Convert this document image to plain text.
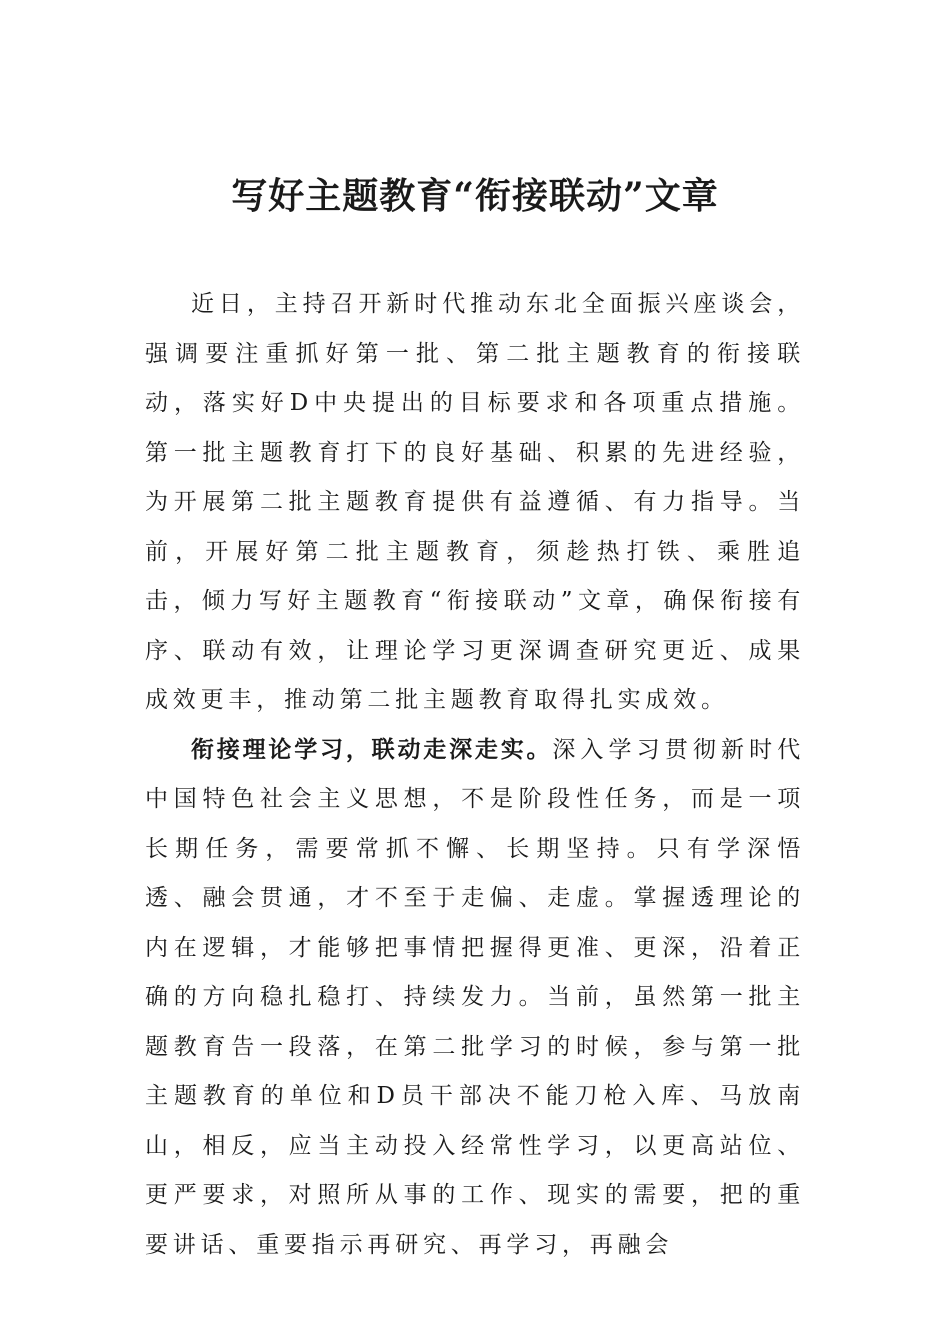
写好主题教育“衔接联动”文章

近日，主持召开新时代推动东北全面振兴座谈会，强调要注重抓好第一批、第二批主题教育的衔接联动，落实好D中央提出的目标要求和各项重点措施。第一批主题教育打下的良好基础、积累的先进经验，为开展第二批主题教育提供有益遵循、有力指导。当前，开展好第二批主题教育，须趁热打铁、乘胜追击，倾力写好主题教育“衔接联动”文章，确保衔接有序、联动有效，让理论学习更深调查研究更近、成果成效更丰，推动第二批主题教育取得扎实成效。

衔接理论学习，联动走深走实。深入学习贯彻新时代中国特色社会主义思想，不是阶段性任务，而是一项长期任务，需要常抓不懈、长期坚持。只有学深悟透、融会贯通，才不至于走偏、走虚。掌握透理论的内在逻辑，才能够把事情把握得更准、更深，沿着正确的方向稳扎稳打、持续发力。当前，虽然第一批主题教育告一段落，在第二批学习的时候，参与第一批主题教育的单位和D员干部决不能刀枪入库、马放南山，相反，应当主动投入经常性学习，以更高站位、更严要求，对照所从事的工作、现实的需要，把的重要讲话、重要指示再研究、再学习，再融会
